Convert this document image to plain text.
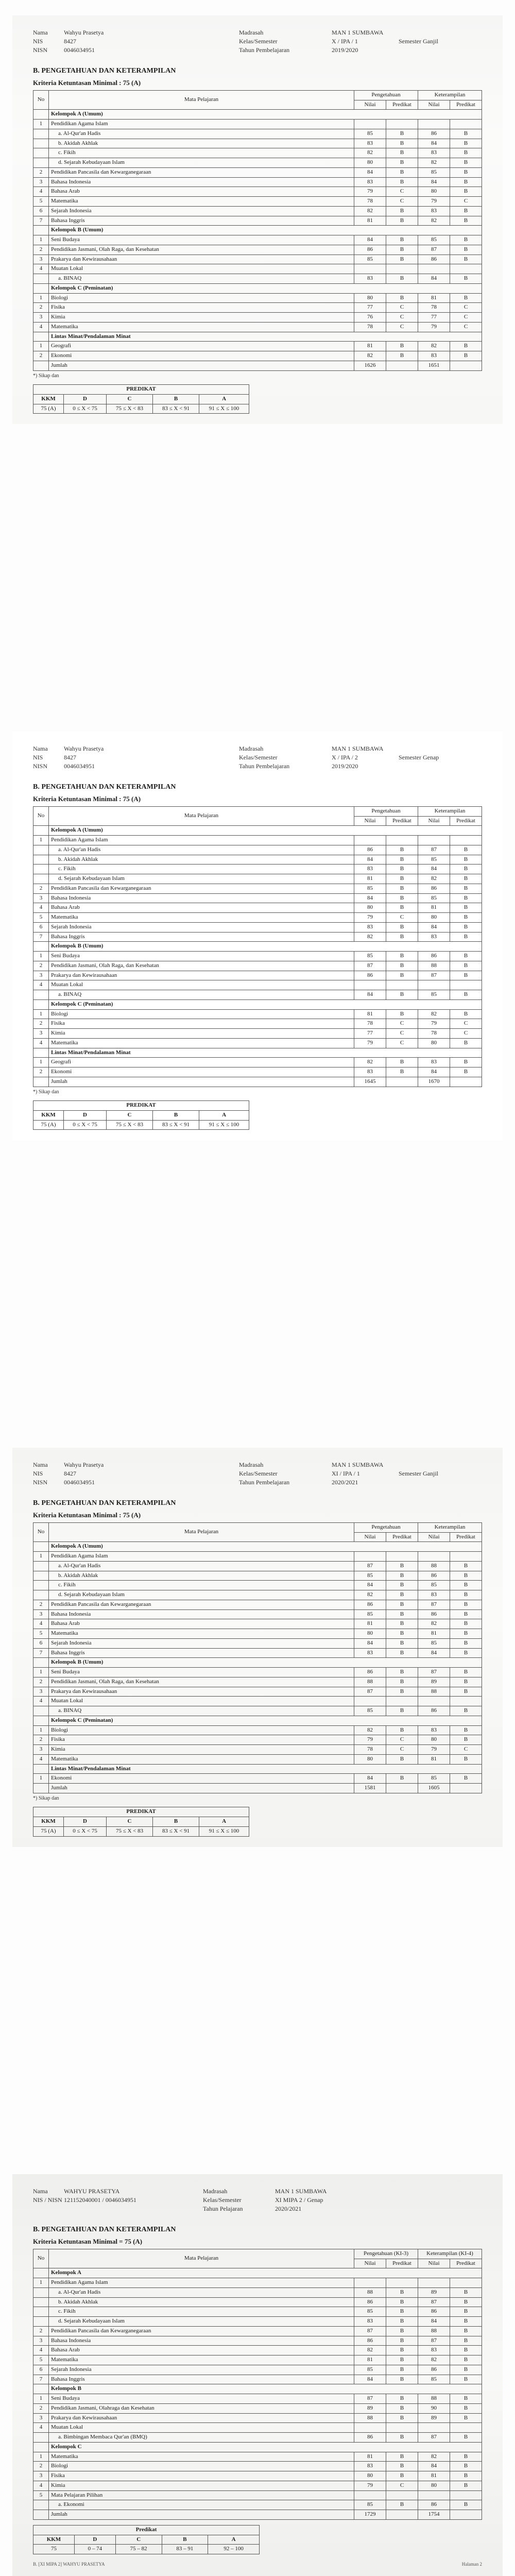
Nama	Wahyu Prasetya	Madrasah	MAN 1 SUMBAWA
NIS	8427	Kelas/Semester	X / IPA / 1	Semester Ganjil
NISN	0046034951	Tahun Pembelajaran	2019/2020
B. PENGETAHUAN DAN KETERAMPILAN
Kriteria Ketuntasan Minimal : 75 (A)
No	Mata Pelajaran	Pengetahuan		Keterampilan	
		Nilai	Predikat	Nilai	Predikat
	Kelompok A (Umum)				
1	Pendidikan Agama Islam				
	a. Al-Qur'an Hadis	85	B	86	B
	b. Akidah Akhlak	83	B	84	B
	c. Fikih	82	B	83	B
	d. Sejarah Kebudayaan Islam	80	B	82	B
2	Pendidikan Pancasila dan Kewarganegaraan	84	B	85	B
3	Bahasa Indonesia	83	B	84	B
4	Bahasa Arab	79	C	80	B
5	Matematika	78	C	79	C
6	Sejarah Indonesia	82	B	83	B
7	Bahasa Inggris	81	B	82	B
	Kelompok B (Umum)				
1	Seni Budaya	84	B	85	B
2	Pendidikan Jasmani, Olah Raga, dan Kesehatan	86	B	87	B
3	Prakarya dan Kewirausahaan	85	B	86	B
4	Muatan Lokal				
	a. BINAQ	83	B	84	B
	Kelompok C (Peminatan)				
1	Biologi	80	B	81	B
2	Fisika	77	C	78	C
3	Kimia	76	C	77	C
4	Matematika	78	C	79	C
	Lintas Minat/Pendalaman Minat				
1	Geografi	81	B	82	B
2	Ekonomi	82	B	83	B
	Jumlah	1626		1651	
*) Sikap dan
PREDIKAT				
KKM	D	C	B	A
75 (A)	0 ≤ X < 75	75 ≤ X < 83	83 ≤ X < 91	91 ≤ X ≤ 100
Nama	Wahyu Prasetya	Madrasah	MAN 1 SUMBAWA
NIS	8427	Kelas/Semester	X / IPA / 2	Semester Genap
NISN	0046034951	Tahun Pembelajaran	2019/2020
B. PENGETAHUAN DAN KETERAMPILAN
Kriteria Ketuntasan Minimal : 75 (A)
No	Mata Pelajaran	Pengetahuan		Keterampilan	
		Nilai	Predikat	Nilai	Predikat
	Kelompok A (Umum)				
1	Pendidikan Agama Islam				
	a. Al-Qur'an Hadis	86	B	87	B
	b. Akidah Akhlak	84	B	85	B
	c. Fikih	83	B	84	B
	d. Sejarah Kebudayaan Islam	81	B	82	B
2	Pendidikan Pancasila dan Kewarganegaraan	85	B	86	B
3	Bahasa Indonesia	84	B	85	B
4	Bahasa Arab	80	B	81	B
5	Matematika	79	C	80	B
6	Sejarah Indonesia	83	B	84	B
7	Bahasa Inggris	82	B	83	B
	Kelompok B (Umum)				
1	Seni Budaya	85	B	86	B
2	Pendidikan Jasmani, Olah Raga, dan Kesehatan	87	B	88	B
3	Prakarya dan Kewirausahaan	86	B	87	B
4	Muatan Lokal				
	a. BINAQ	84	B	85	B
	Kelompok C (Peminatan)				
1	Biologi	81	B	82	B
2	Fisika	78	C	79	C
3	Kimia	77	C	78	C
4	Matematika	79	C	80	B
	Lintas Minat/Pendalaman Minat				
1	Geografi	82	B	83	B
2	Ekonomi	83	B	84	B
	Jumlah	1645		1670	
*) Sikap dan
PREDIKAT				
KKM	D	C	B	A
75 (A)	0 ≤ X < 75	75 ≤ X < 83	83 ≤ X < 91	91 ≤ X ≤ 100
Nama	Wahyu Prasetya	Madrasah	MAN 1 SUMBAWA
NIS	8427	Kelas/Semester	XI / IPA / 1	Semester Ganjil
NISN	0046034951	Tahun Pembelajaran	2020/2021
B. PENGETAHUAN DAN KETERAMPILAN
Kriteria Ketuntasan Minimal : 75 (A)
No	Mata Pelajaran	Pengetahuan		Keterampilan	
		Nilai	Predikat	Nilai	Predikat
	Kelompok A (Umum)				
1	Pendidikan Agama Islam				
	a. Al-Qur'an Hadis	87	B	88	B
	b. Akidah Akhlak	85	B	86	B
	c. Fikih	84	B	85	B
	d. Sejarah Kebudayaan Islam	82	B	83	B
2	Pendidikan Pancasila dan Kewarganegaraan	86	B	87	B
3	Bahasa Indonesia	85	B	86	B
4	Bahasa Arab	81	B	82	B
5	Matematika	80	B	81	B
6	Sejarah Indonesia	84	B	85	B
7	Bahasa Inggris	83	B	84	B
	Kelompok B (Umum)				
1	Seni Budaya	86	B	87	B
2	Pendidikan Jasmani, Olah Raga, dan Kesehatan	88	B	89	B
3	Prakarya dan Kewirausahaan	87	B	88	B
4	Muatan Lokal				
	a. BINAQ	85	B	86	B
	Kelompok C (Peminatan)				
1	Biologi	82	B	83	B
2	Fisika	79	C	80	B
3	Kimia	78	C	79	C
4	Matematika	80	B	81	B
	Lintas Minat/Pendalaman Minat				
1	Ekonomi	84	B	85	B
	Jumlah	1581		1605	
*) Sikap dan
PREDIKAT				
KKM	D	C	B	A
75 (A)	0 ≤ X < 75	75 ≤ X < 83	83 ≤ X < 91	91 ≤ X ≤ 100
Nama	WAHYU PRASETYA	Madrasah	MAN 1 SUMBAWA
NIS / NISN 121152040001 / 0046034951	Kelas/Semester	XI MIPA 2 / Genap
Tahun Pelajaran	2020/2021
B. PENGETAHUAN DAN KETERAMPILAN
Kriteria Ketuntasan Minimal = 75 (A)
No	Mata Pelajaran	Pengetahuan (KI-3)		Keterampilan (KI-4)	
		Nilai	Predikat	Nilai	Predikat
	Kelompok A				
1	Pendidikan Agama Islam				
	a. Al-Qur'an Hadis	88	B	89	B
	b. Akidah Akhlak	86	B	87	B
	c. Fikih	85	B	86	B
	d. Sejarah Kebudayaan Islam	83	B	84	B
2	Pendidikan Pancasila dan Kewarganegaraan	87	B	88	B
3	Bahasa Indonesia	86	B	87	B
4	Bahasa Arab	82	B	83	B
5	Matematika	81	B	82	B
6	Sejarah Indonesia	85	B	86	B
7	Bahasa Inggris	84	B	85	B
	Kelompok B				
1	Seni Budaya	87	B	88	B
2	Pendidikan Jasmani, Olahraga dan Kesehatan	89	B	90	B
3	Prakarya dan Kewirausahaan	88	B	89	B
4	Muatan Lokal				
	a. Bimbingan Membaca Qur'an (BMQ)	86	B	87	B
	Kelompok C				
1	Matematika	81	B	82	B
2	Biologi	83	B	84	B
3	Fisika	80	B	81	B
4	Kimia	79	C	80	B
5	Mata Pelajaran Pilihan				
	a. Ekonomi	85	B	86	B
	Jumlah	1729		1754	
Predikat				
KKM	D	C	B	A
75	0 – 74	75 – 82	83 – 91	92 – 100
B. [XI MIPA 2] WAHYU PRASETYA	Halaman 2
